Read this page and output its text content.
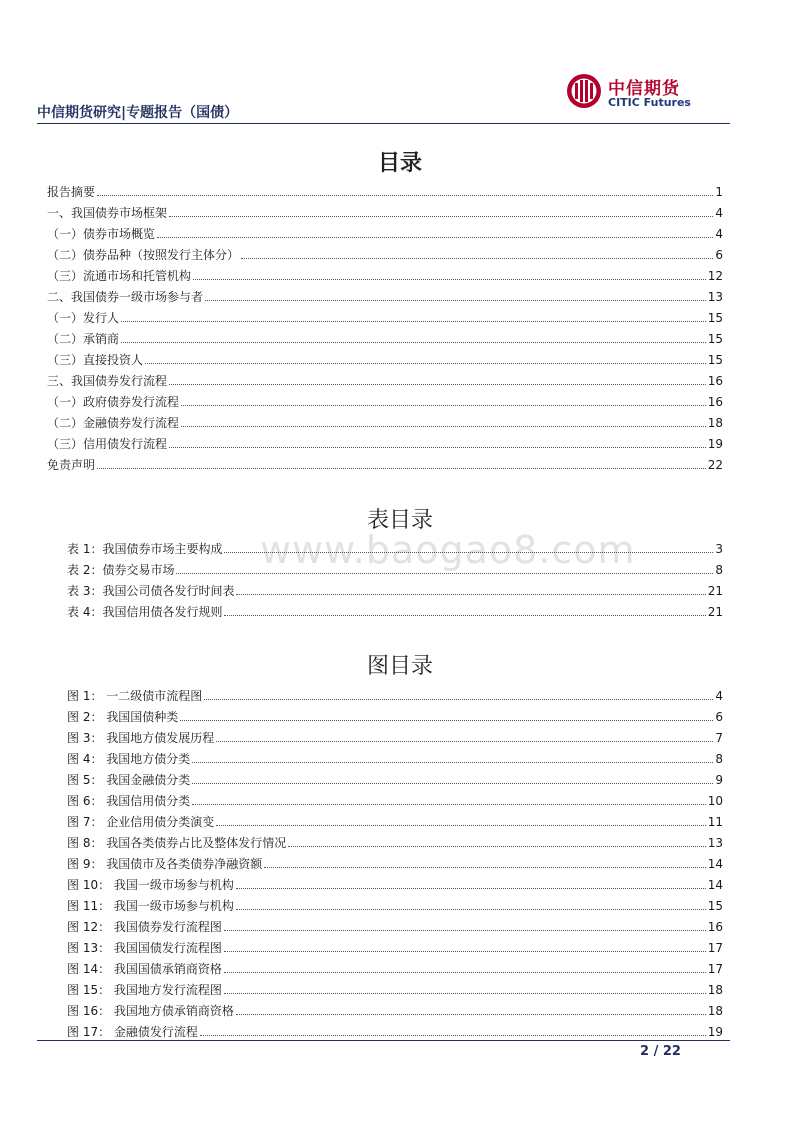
中信期货
CITIC Futures
中信期货研究|专题报告（国债）
目录
报告摘要	1
一、我国债券市场框架	4
（一）债券市场概览	4
（二）债券品种（按照发行主体分）	6
（三）流通市场和托管机构	12
二、我国债券一级市场参与者	13
（一）发行人	15
（二）承销商	15
（三）直接投资人	15
三、我国债券发行流程	16
（一）政府债券发行流程	16
（二）金融债券发行流程	18
（三）信用债发行流程	19
免责声明	22
表目录
www.baogao8.com
表 1：我国债券市场主要构成	3
表 2：债券交易市场	8
表 3：我国公司债各发行时间表	21
表 4：我国信用债各发行规则	21
图目录
图 1： 一二级债市流程图	4
图 2： 我国国债种类	6
图 3： 我国地方债发展历程	7
图 4： 我国地方债分类	8
图 5： 我国金融债分类	9
图 6： 我国信用债分类	10
图 7： 企业信用债分类演变	11
图 8： 我国各类债券占比及整体发行情况	13
图 9： 我国债市及各类债券净融资额	14
图 10： 我国一级市场参与机构	14
图 11： 我国一级市场参与机构	15
图 12： 我国债券发行流程图	16
图 13： 我国国债发行流程图	17
图 14： 我国国债承销商资格	17
图 15： 我国地方发行流程图	18
图 16： 我国地方债承销商资格	18
图 17： 金融债发行流程	19
2 / 22
